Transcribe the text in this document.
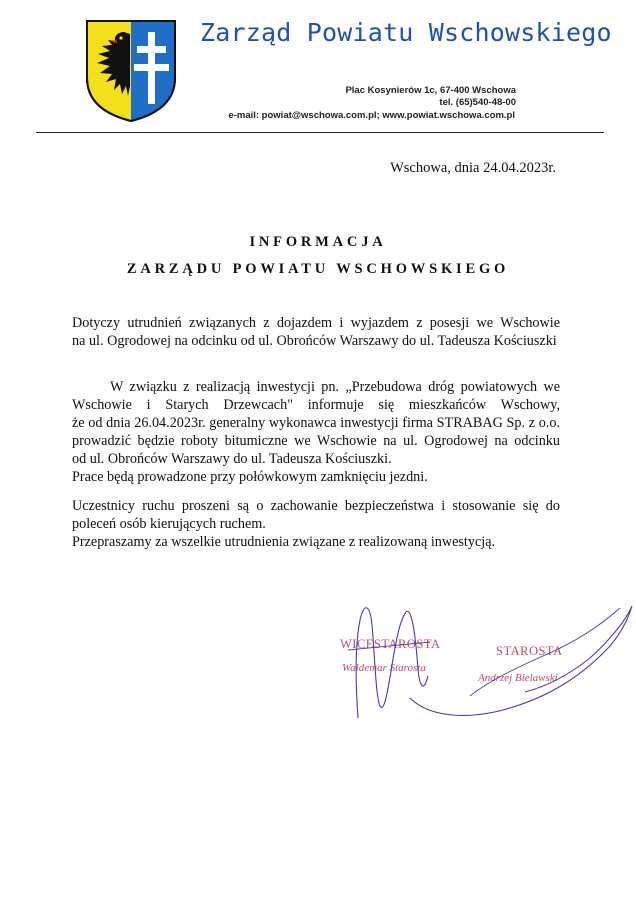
Zarząd Powiatu Wschowskiego
Plac Kosynierów 1c, 67-400 Wschowa
tel. (65)540-48-00
e-mail: powiat@wschowa.com.pl; www.powiat.wschowa.com.pl
Wschowa, dnia 24.04.2023r.
INFORMACJA
ZARZĄDU POWIATU WSCHOWSKIEGO
Dotyczy utrudnień związanych z dojazdem i wyjazdem z posesji we Wschowie
na ul. Ogrodowej na odcinku od ul. Obrońców Warszawy do ul. Tadeusza Kościuszki
W związku z realizacją inwestycji pn. „Przebudowa dróg powiatowych we
Wschowie i Starych Drzewcach" informuje się mieszkańców Wschowy,
że od dnia 26.04.2023r. generalny wykonawca inwestycji firma STRABAG Sp. z o.o.
prowadzić będzie roboty bitumiczne we Wschowie na ul. Ogrodowej na odcinku
od ul. Obrońców Warszawy do ul. Tadeusza Kościuszki.
Prace będą prowadzone przy połówkowym zamknięciu jezdni.
Uczestnicy ruchu proszeni są o zachowanie bezpieczeństwa i stosowanie się do
poleceń osób kierujących ruchem.
Przepraszamy za wszelkie utrudnienia związane z realizowaną inwestycją.
WICESTAROSTA
Waldemar Starosta
STAROSTA
Andrzej Bielawski
